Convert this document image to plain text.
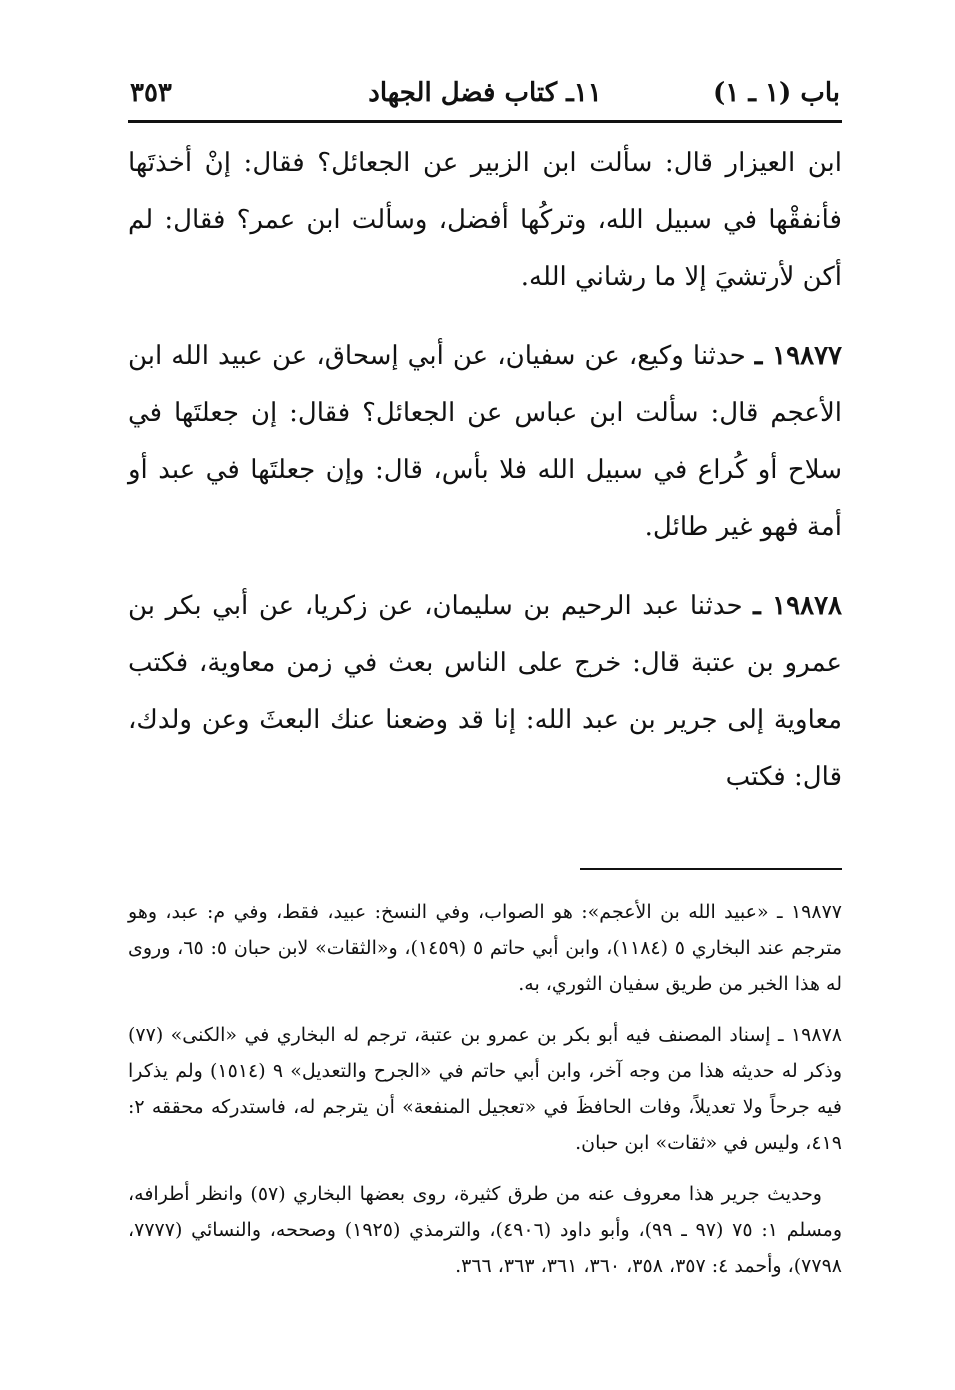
باب (١ ـ ١)
١١ـ كتاب فضل الجهاد
٣٥٣

ابن العيزار قال: سألت ابن الزبير عن الجعائل؟ فقال: إنْ أخذتَها فأنفقْها في سبيل الله، وتركُها أفضل، وسألت ابن عمر؟ فقال: لم أكن لأرتشيَ إلا ما رشاني الله.

١٩٨٧٧ ـ حدثنا وكيع، عن سفيان، عن أبي إسحاق، عن عبيد الله ابن الأعجم قال: سألت ابن عباس عن الجعائل؟ فقال: إن جعلتَها في سلاح أو كُراع في سبيل الله فلا بأس، قال: وإن جعلتَها في عبد أو أمة فهو غير طائل.

١٩٨٧٨ ـ حدثنا عبد الرحيم بن سليمان، عن زكريا، عن أبي بكر بن عمرو بن عتبة قال: خرج على الناس بعث في زمن معاوية، فكتب معاوية إلى جرير بن عبد الله: إنا قد وضعنا عنك البعثَ وعن ولدك، قال: فكتب

١٩٨٧٧ ـ «عبيد الله بن الأعجم»: هو الصواب، وفي النسخ: عبيد، فقط، وفي م: عبد، وهو مترجم عند البخاري ٥ (١١٨٤)، وابن أبي حاتم ٥ (١٤٥٩)، و«الثقات» لابن حبان ٥: ٦٥، وروى له هذا الخبر من طريق سفيان الثوري، به.

١٩٨٧٨ ـ إسناد المصنف فيه أبو بكر بن عمرو بن عتبة، ترجم له البخاري في «الكنى» (٧٧) وذكر له حديثه هذا من وجه آخر، وابن أبي حاتم في «الجرح والتعديل» ٩ (١٥١٤) ولم يذكرا فيه جرحاً ولا تعديلاً، وفات الحافظَ في «تعجيل المنفعة» أن يترجم له، فاستدركه محققه ٢: ٤١٩، وليس في «ثقات» ابن حبان.

وحديث جرير هذا معروف عنه من طرق كثيرة، روى بعضها البخاري (٥٧) وانظر أطرافه، ومسلم ١: ٧٥ (٩٧ ـ ٩٩)، وأبو داود (٤٩٠٦)، والترمذي (١٩٢٥) وصححه، والنسائي (٧٧٧٧، ٧٧٩٨)، وأحمد ٤: ٣٥٧، ٣٥٨، ٣٦٠، ٣٦١، ٣٦٣، ٣٦٦.
